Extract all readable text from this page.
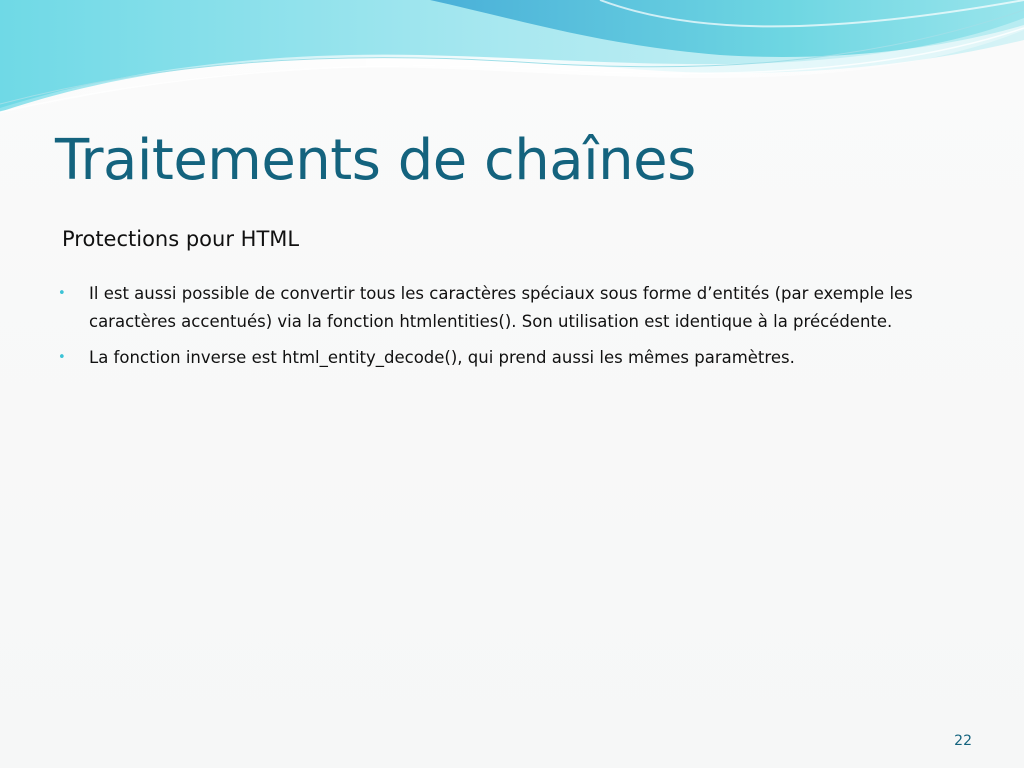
Traitements de chaînes
Protections pour HTML
• Il est aussi possible de convertir tous les caractères spéciaux sous forme d’entités (par exemple les caractères accentués) via la fonction htmlentities(). Son utilisation est identique à la précédente.
• La fonction inverse est html_entity_decode(), qui prend aussi les mêmes paramètres.
22
